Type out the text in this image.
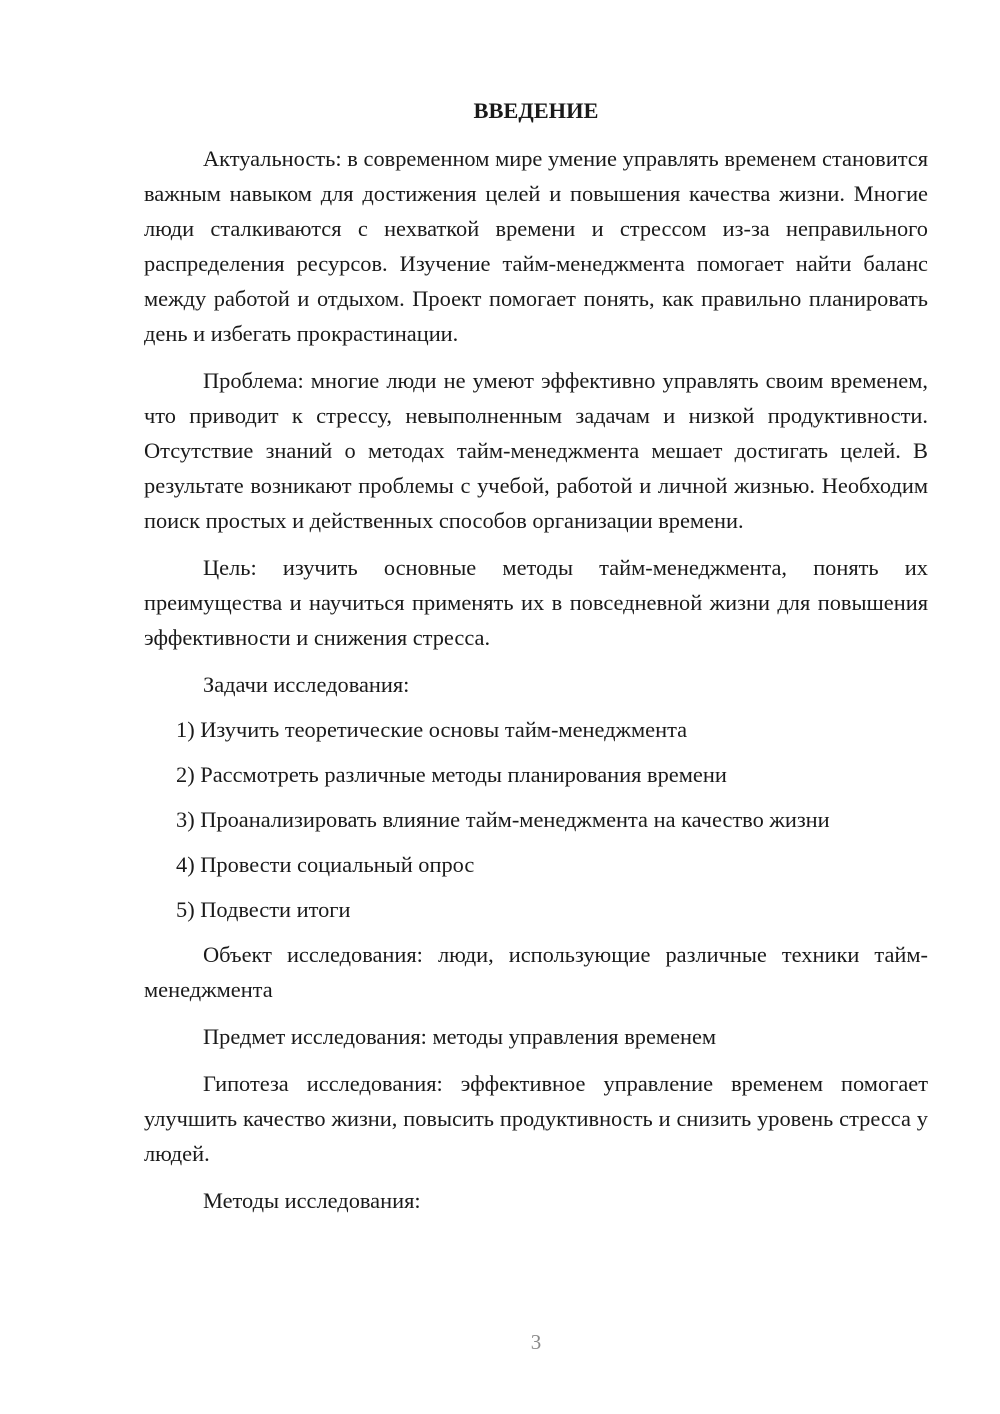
ВВЕДЕНИЕ

Актуальность: в современном мире умение управлять временем становится важным навыком для достижения целей и повышения качества жизни. Многие люди сталкиваются с нехваткой времени и стрессом из-за неправильного распределения ресурсов. Изучение тайм-менеджмента помогает найти баланс между работой и отдыхом. Проект помогает понять, как правильно планировать день и избегать прокрастинации.

Проблема: многие люди не умеют эффективно управлять своим временем, что приводит к стрессу, невыполненным задачам и низкой продуктивности. Отсутствие знаний о методах тайм-менеджмента мешает достигать целей. В результате возникают проблемы с учебой, работой и личной жизнью. Необходим поиск простых и действенных способов организации времени.

Цель: изучить основные методы тайм-менеджмента, понять их преимущества и научиться применять их в повседневной жизни для повышения эффективности и снижения стресса.

Задачи исследования:

1) Изучить теоретические основы тайм-менеджмента
2) Рассмотреть различные методы планирования времени
3) Проанализировать влияние тайм-менеджмента на качество жизни
4) Провести социальный опрос
5) Подвести итоги

Объект исследования: люди, использующие различные техники тайм-менеджмента

Предмет исследования: методы управления временем

Гипотеза исследования: эффективное управление временем помогает улучшить качество жизни, повысить продуктивность и снизить уровень стресса у людей.

Методы исследования:

3
